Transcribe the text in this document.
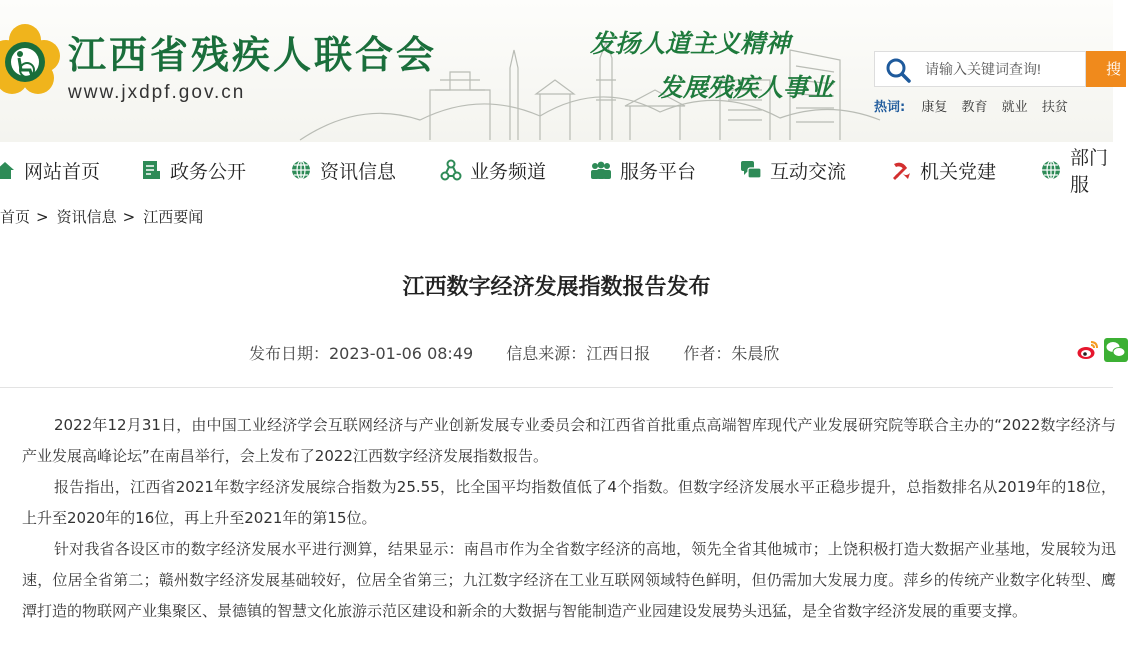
江西省残疾人联合会
www.jxdpf.gov.cn
发扬人道主义精神
发展残疾人事业
请输入关键词查询!
搜
热词: 康复 教育 就业 扶贫
网站首页	政务公开	资讯信息	业务频道	服务平台	互动交流	机关党建
部门服
首页 > 资讯信息 > 江西要闻
江西数字经济发展指数报告发布
发布日期：2023-01-06 08:49 信息来源：江西日报 作者：朱晨欣

2022年12月31日，由中国工业经济学会互联网经济与产业创新发展专业委员会和江西省首批重点高端智库现代产业发展研究院等联合主办的“2022数字经济与产业发展高峰论坛”在南昌举行，会上发布了2022江西数字经济发展指数报告。

报告指出，江西省2021年数字经济发展综合指数为25.55，比全国平均指数值低了4个指数。但数字经济发展水平正稳步提升，总指数排名从2019年的18位，上升至2020年的16位，再上升至2021年的第15位。

针对我省各设区市的数字经济发展水平进行测算，结果显示：南昌市作为全省数字经济的高地，领先全省其他城市；上饶积极打造大数据产业基地，发展较为迅速，位居全省第二；赣州数字经济发展基础较好，位居全省第三；九江数字经济在工业互联网领域特色鲜明，但仍需加大发展力度。萍乡的传统产业数字化转型、鹰潭打造的物联网产业集聚区、景德镇的智慧文化旅游示范区建设和新余的大数据与智能制造产业园建设发展势头迅猛，是全省数字经济发展的重要支撑。
